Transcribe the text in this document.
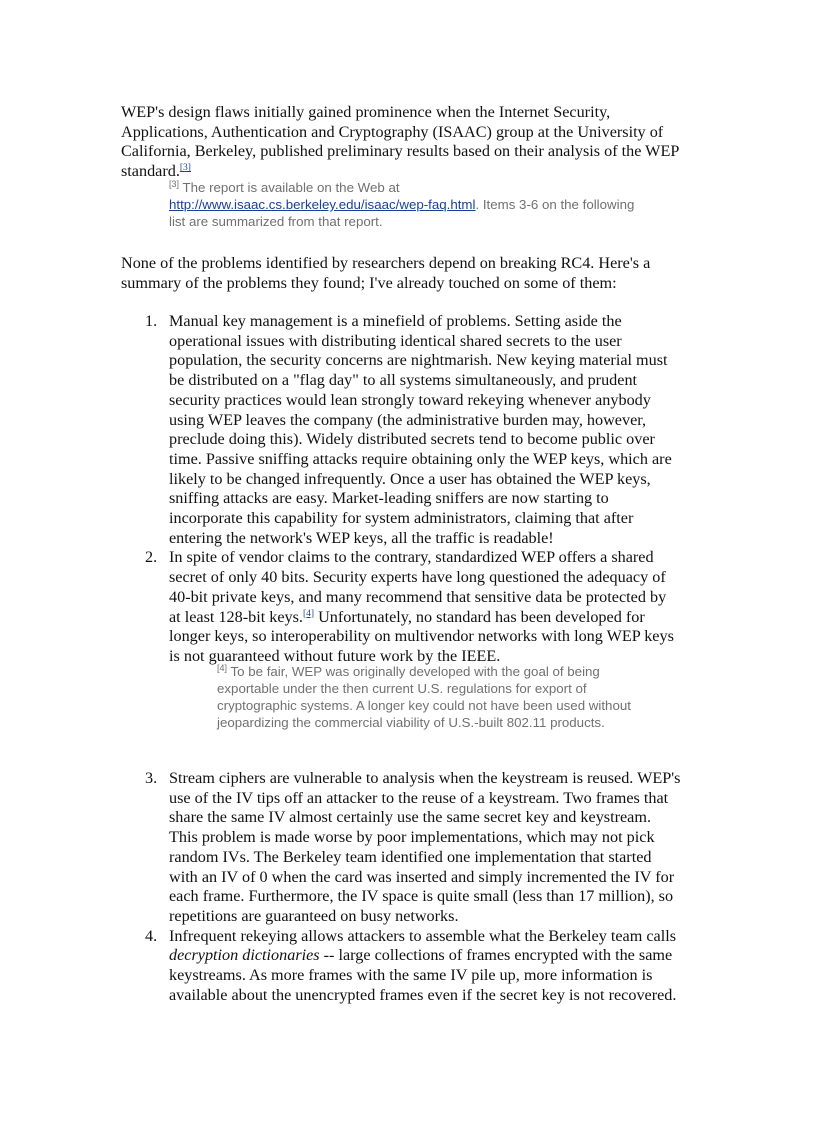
WEP's design flaws initially gained prominence when the Internet Security, Applications, Authentication and Cryptography (ISAAC) group at the University of California, Berkeley, published preliminary results based on their analysis of the WEP standard.[3]

[3] The report is available on the Web at http://www.isaac.cs.berkeley.edu/isaac/wep-faq.html. Items 3-6 on the following list are summarized from that report.

None of the problems identified by researchers depend on breaking RC4. Here's a summary of the problems they found; I've already touched on some of them:

1. Manual key management is a minefield of problems. Setting aside the operational issues with distributing identical shared secrets to the user population, the security concerns are nightmarish. New keying material must be distributed on a "flag day" to all systems simultaneously, and prudent security practices would lean strongly toward rekeying whenever anybody using WEP leaves the company (the administrative burden may, however, preclude doing this). Widely distributed secrets tend to become public over time. Passive sniffing attacks require obtaining only the WEP keys, which are likely to be changed infrequently. Once a user has obtained the WEP keys, sniffing attacks are easy. Market-leading sniffers are now starting to incorporate this capability for system administrators, claiming that after entering the network's WEP keys, all the traffic is readable!
2. In spite of vendor claims to the contrary, standardized WEP offers a shared secret of only 40 bits. Security experts have long questioned the adequacy of 40-bit private keys, and many recommend that sensitive data be protected by at least 128-bit keys.[4] Unfortunately, no standard has been developed for longer keys, so interoperability on multivendor networks with long WEP keys is not guaranteed without future work by the IEEE.

[4] To be fair, WEP was originally developed with the goal of being exportable under the then current U.S. regulations for export of cryptographic systems. A longer key could not have been used without jeopardizing the commercial viability of U.S.-built 802.11 products.

3. Stream ciphers are vulnerable to analysis when the keystream is reused. WEP's use of the IV tips off an attacker to the reuse of a keystream. Two frames that share the same IV almost certainly use the same secret key and keystream. This problem is made worse by poor implementations, which may not pick random IVs. The Berkeley team identified one implementation that started with an IV of 0 when the card was inserted and simply incremented the IV for each frame. Furthermore, the IV space is quite small (less than 17 million), so repetitions are guaranteed on busy networks.
4. Infrequent rekeying allows attackers to assemble what the Berkeley team calls decryption dictionaries -- large collections of frames encrypted with the same keystreams. As more frames with the same IV pile up, more information is available about the unencrypted frames even if the secret key is not recovered.
